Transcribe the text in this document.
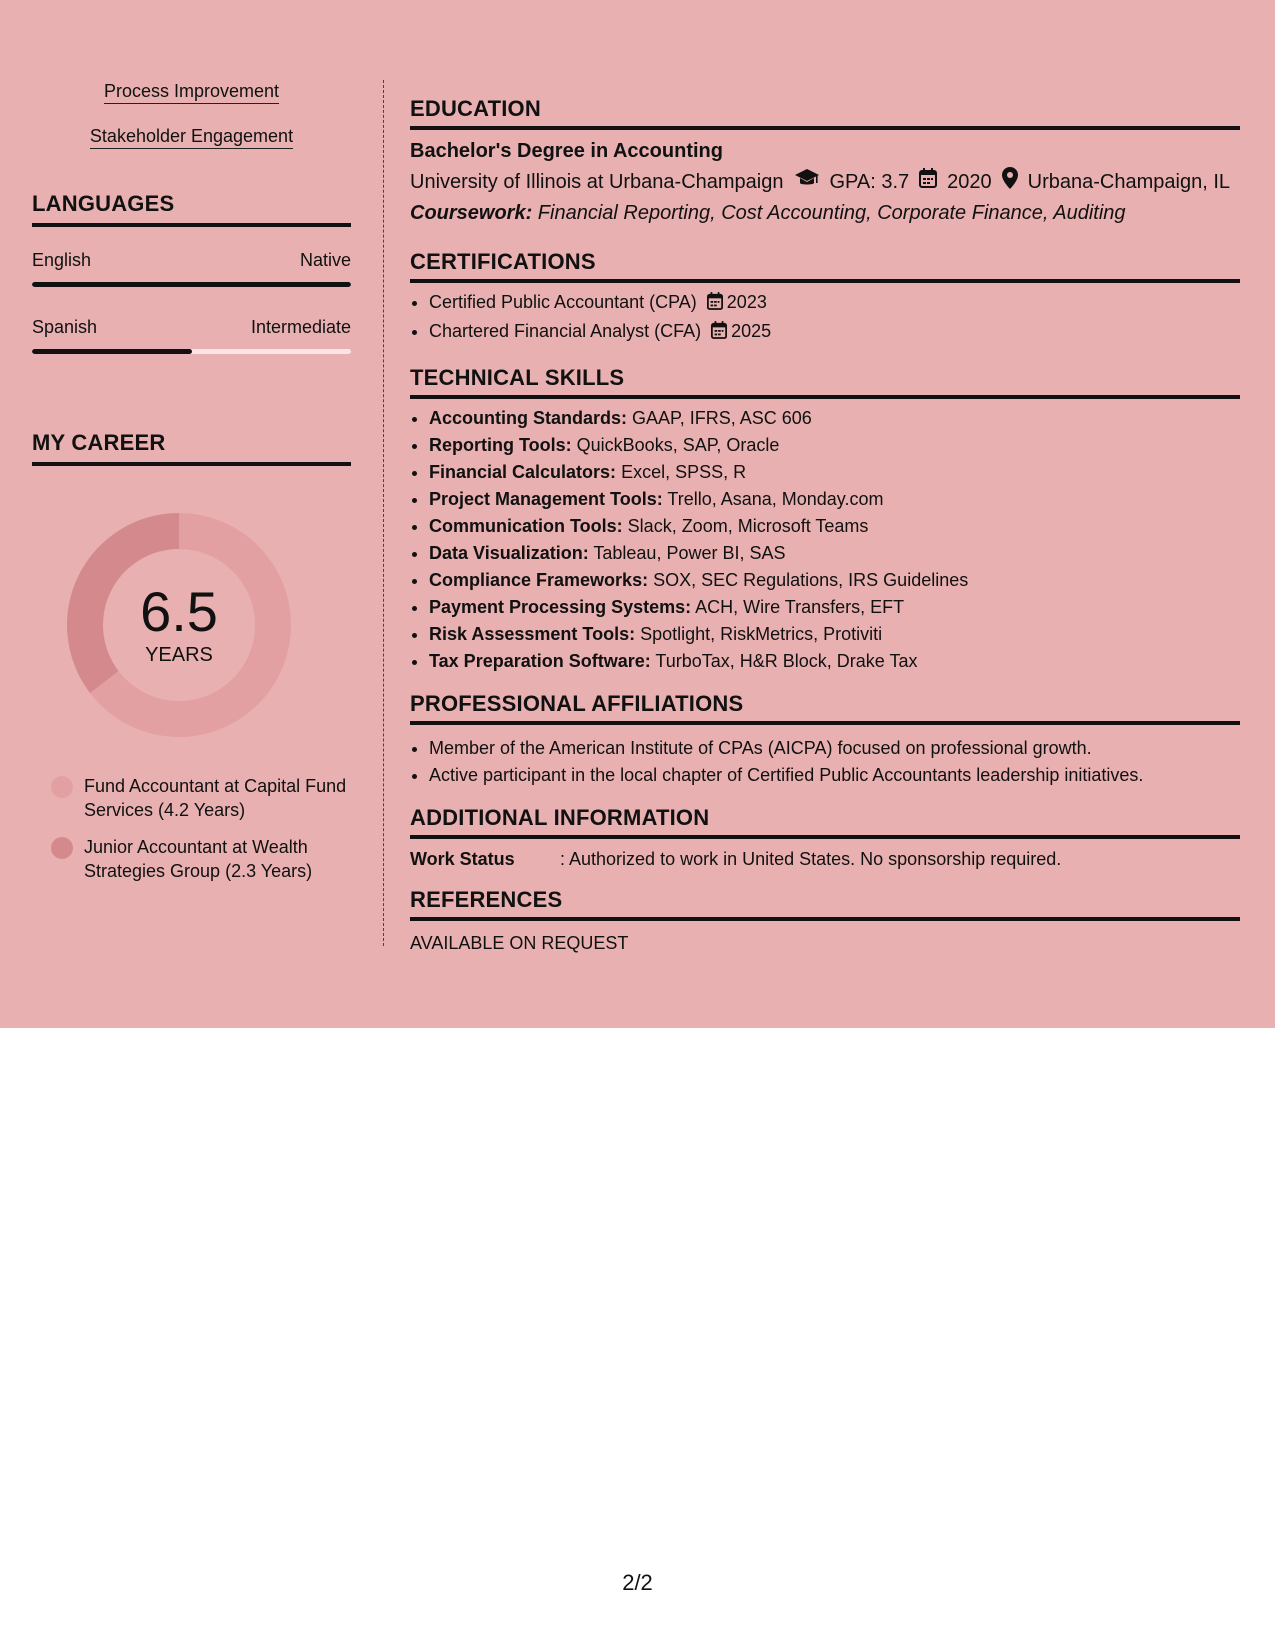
Process Improvement
Stakeholder Engagement
LANGUAGES
English	Native
Spanish	Intermediate
MY CAREER
6.5
YEARS
Fund Accountant at Capital Fund Services (4.2 Years)
Junior Accountant at Wealth Strategies Group (2.3 Years)
EDUCATION
Bachelor's Degree in Accounting
University of Illinois at Urbana-Champaign GPA: 3.7 2020 Urbana-Champaign, IL
Coursework: Financial Reporting, Cost Accounting, Corporate Finance, Auditing
CERTIFICATIONS
• Certified Public Accountant (CPA) 2023
• Chartered Financial Analyst (CFA) 2025
TECHNICAL SKILLS
• Accounting Standards: GAAP, IFRS, ASC 606
• Reporting Tools: QuickBooks, SAP, Oracle
• Financial Calculators: Excel, SPSS, R
• Project Management Tools: Trello, Asana, Monday.com
• Communication Tools: Slack, Zoom, Microsoft Teams
• Data Visualization: Tableau, Power BI, SAS
• Compliance Frameworks: SOX, SEC Regulations, IRS Guidelines
• Payment Processing Systems: ACH, Wire Transfers, EFT
• Risk Assessment Tools: Spotlight, RiskMetrics, Protiviti
• Tax Preparation Software: TurboTax, H&R Block, Drake Tax
PROFESSIONAL AFFILIATIONS
• Member of the American Institute of CPAs (AICPA) focused on professional growth.
• Active participant in the local chapter of Certified Public Accountants leadership initiatives.
ADDITIONAL INFORMATION
Work Status	: Authorized to work in United States. No sponsorship required.
REFERENCES
AVAILABLE ON REQUEST
2/2
